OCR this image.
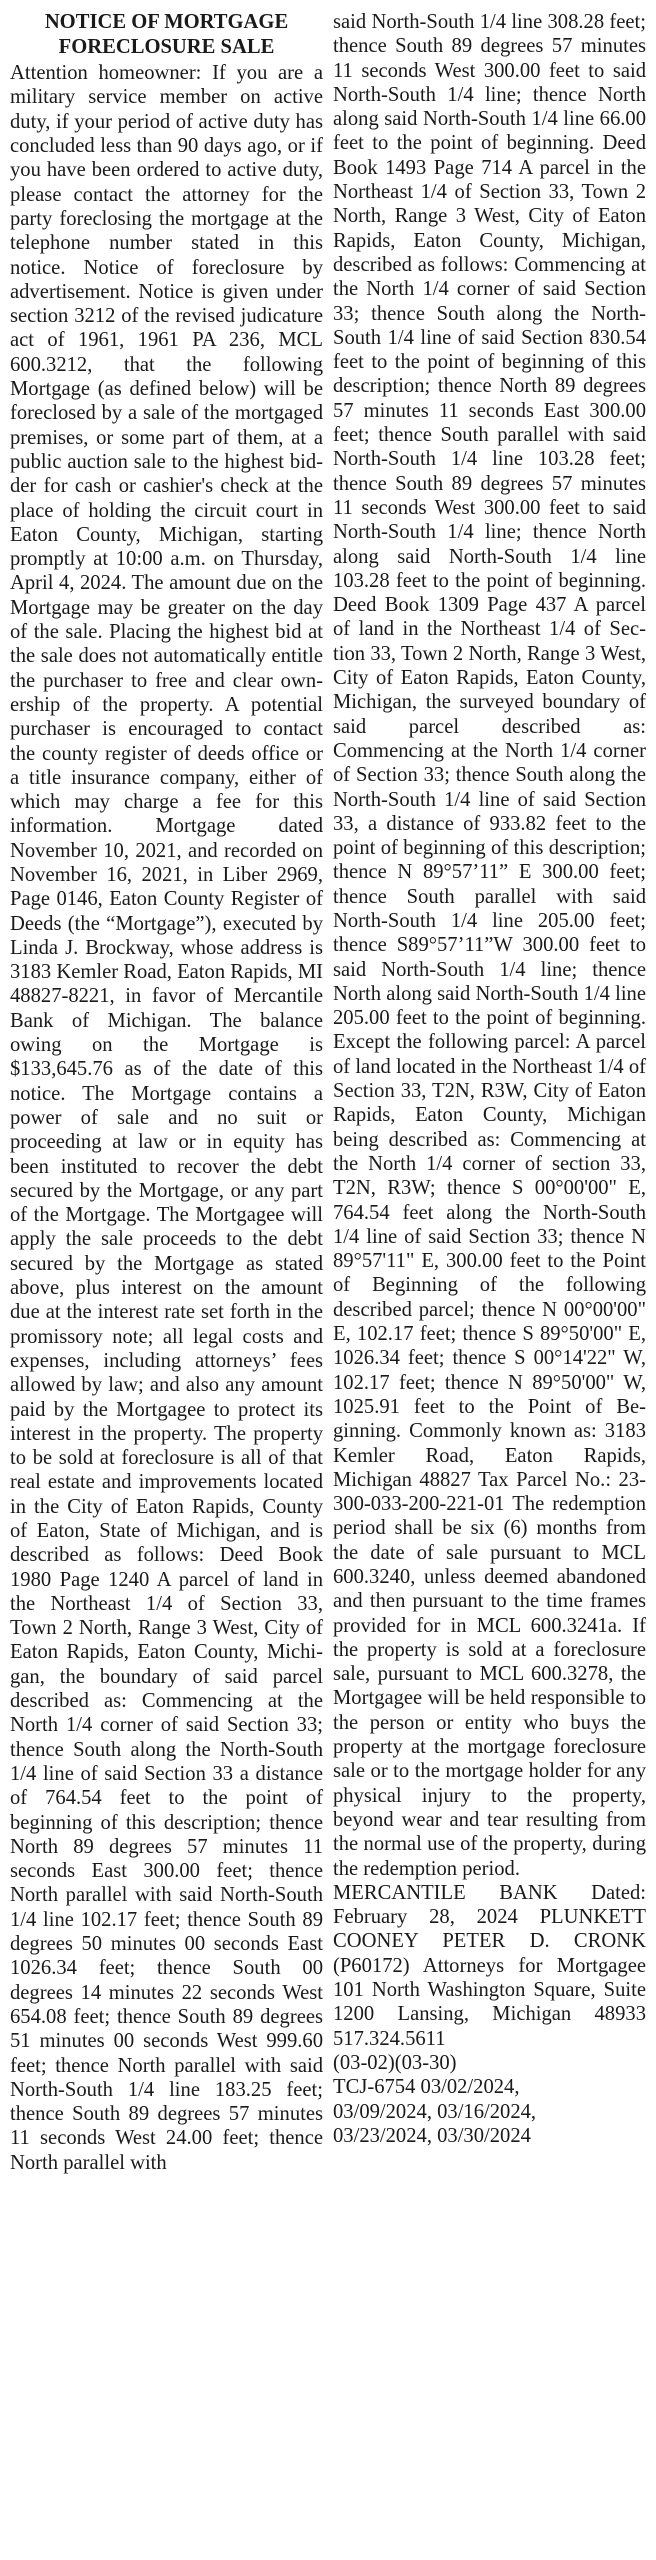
NOTICE OF MORTGAGE
FORECLOSURE SALE

Attention homeowner: If you are a military service member on active duty, if your period of active duty has concluded less than 90 days ago, or if you have been ordered to active duty, please contact the attorney for the party foreclosing the mortgage at the telephone number stated in this notice. Notice of foreclosure by advertisement. Notice is given under section 3212 of the revised judicature act of 1961, 1961 PA 236, MCL 600.3212, that the following Mortgage (as defined below) will be foreclosed by a sale of the mortgaged premises, or some part of them, at a public auction sale to the highest bidder for cash or cashier's check at the place of holding the circuit court in Eaton County, Michigan, starting promptly at 10:00 a.m. on Thursday, April 4, 2024. The amount due on the Mortgage may be greater on the day of the sale. Placing the highest bid at the sale does not automatically entitle the purchaser to free and clear ownership of the property. A potential purchaser is encouraged to contact the county register of deeds office or a title insurance company, either of which may charge a fee for this information. Mortgage dated November 10, 2021, and recorded on November 16, 2021, in Liber 2969, Page 0146, Eaton County Register of Deeds (the “Mortgage”), executed by Linda J. Brockway, whose address is 3183 Kemler Road, Eaton Rapids, MI 48827-8221, in favor of Mercantile Bank of Michigan. The balance owing on the Mortgage is $133,645.76 as of the date of this notice. The Mortgage contains a power of sale and no suit or proceeding at law or in equity has been instituted to recover the debt secured by the Mortgage, or any part of the Mortgage. The Mortgagee will apply the sale proceeds to the debt secured by the Mortgage as stated above, plus interest on the amount due at the interest rate set forth in the promissory note; all legal costs and expenses, including attorneys’ fees allowed by law; and also any amount paid by the Mortgagee to protect its interest in the property. The property to be sold at foreclosure is all of that real estate and improvements located in the City of Eaton Rapids, County of Eaton, State of Michigan, and is described as follows: Deed Book 1980 Page 1240 A parcel of land in the Northeast 1/4 of Section 33, Town 2 North, Range 3 West, City of Eaton Rapids, Eaton County, Michigan, the boundary of said parcel described as: Commencing at the North 1/4 corner of said Section 33; thence South along the North-South 1/4 line of said Section 33 a distance of 764.54 feet to the point of beginning of this description; thence North 89 degrees 57 minutes 11 seconds East 300.00 feet; thence North parallel with said North-South 1/4 line 102.17 feet; thence South 89 degrees 50 minutes 00 seconds East 1026.34 feet; thence South 00 degrees 14 minutes 22 seconds West 654.08 feet; thence South 89 degrees 51 minutes 00 seconds West 999.60 feet; thence North parallel with said North-South 1/4 line 183.25 feet; thence South 89 degrees 57 minutes 11 seconds West 24.00 feet; thence North parallel with

said North-South 1/4 line 308.28 feet; thence South 89 degrees 57 minutes 11 seconds West 300.00 feet to said North-South 1/4 line; thence North along said North-South 1/4 line 66.00 feet to the point of beginning. Deed Book 1493 Page 714 A parcel in the Northeast 1/4 of Section 33, Town 2 North, Range 3 West, City of Eaton Rapids, Eaton County, Michigan, described as follows: Commencing at the North 1/4 corner of said Section 33; thence South along the North-South 1/4 line of said Section 830.54 feet to the point of beginning of this description; thence North 89 degrees 57 minutes 11 seconds East 300.00 feet; thence South parallel with said North-South 1/4 line 103.28 feet; thence South 89 degrees 57 minutes 11 seconds West 300.00 feet to said North-South 1/4 line; thence North along said North-South 1/4 line 103.28 feet to the point of beginning. Deed Book 1309 Page 437 A parcel of land in the Northeast 1/4 of Section 33, Town 2 North, Range 3 West, City of Eaton Rapids, Eaton County, Michigan, the surveyed boundary of said parcel described as: Commencing at the North 1/4 corner of Section 33; thence South along the North-South 1/4 line of said Section 33, a distance of 933.82 feet to the point of beginning of this description; thence N 89°57’11” E 300.00 feet; thence South parallel with said North-South 1/4 line 205.00 feet; thence S89°57’11”W 300.00 feet to said North-South 1/4 line; thence North along said North-South 1/4 line 205.00 feet to the point of beginning. Except the following parcel: A parcel of land located in the Northeast 1/4 of Section 33, T2N, R3W, City of Eaton Rapids, Eaton County, Michigan being described as: Commencing at the North 1/4 corner of section 33, T2N, R3W; thence S 00°00'00" E, 764.54 feet along the North-South 1/4 line of said Section 33; thence N 89°57'11" E, 300.00 feet to the Point of Beginning of the following described parcel; thence N 00°00'00" E, 102.17 feet; thence S 89°50'00" E, 1026.34 feet; thence S 00°14'22" W, 102.17 feet; thence N 89°50'00" W, 1025.91 feet to the Point of Beginning. Commonly known as: 3183 Kemler Road, Eaton Rapids, Michigan 48827 Tax Parcel No.: 23-300-033-200-221-01 The redemption period shall be six (6) months from the date of sale pursuant to MCL 600.3240, unless deemed abandoned and then pursuant to the time frames provided for in MCL 600.3241a. If the property is sold at a foreclosure sale, pursuant to MCL 600.3278, the Mortgagee will be held responsible to the person or entity who buys the property at the mortgage foreclosure sale or to the mortgage holder for any physical injury to the property, beyond wear and tear resulting from the normal use of the property, during the redemption period.

MERCANTILE BANK Dated: February 28, 2024 PLUNKETT COONEY PETER D. CRONK (P60172) Attorneys for Mortgagee 101 North Washington Square, Suite 1200 Lansing, Michigan 48933 517.324.5611

(03-02)(03-30)

TCJ-6754 03/02/2024,
03/09/2024, 03/16/2024,
03/23/2024, 03/30/2024
